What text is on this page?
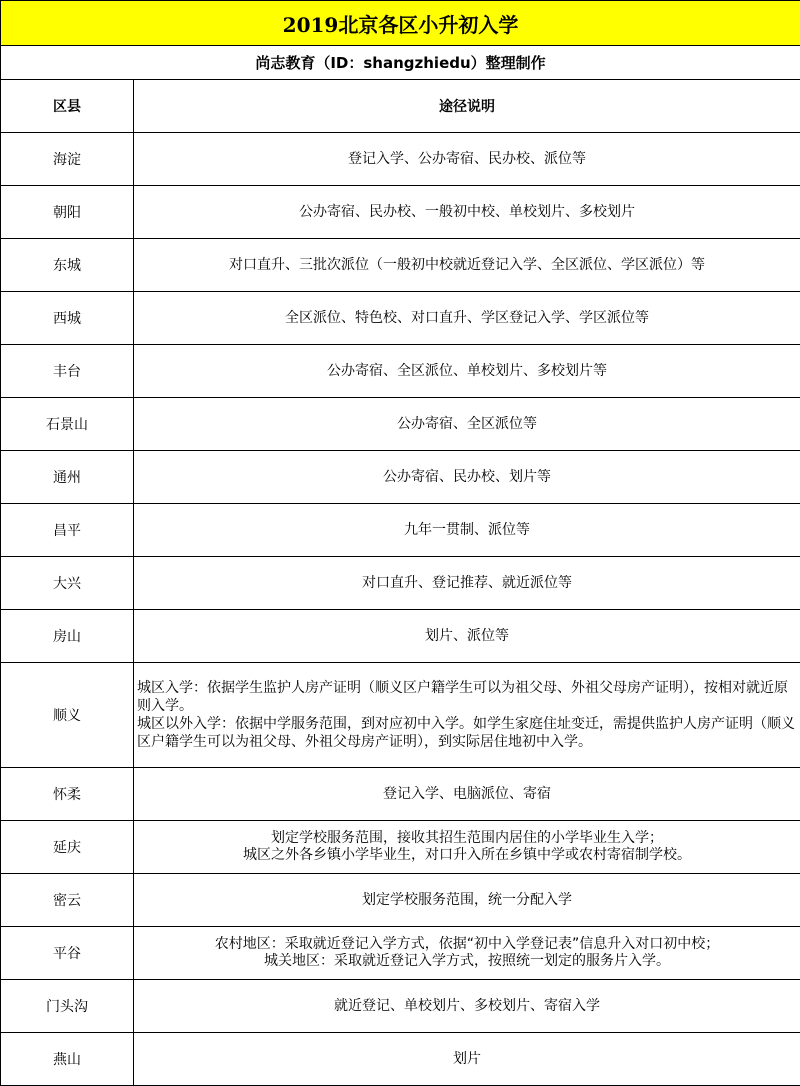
2019北京各区小升初入学	
尚志教育（ID：shangzhiedu）整理制作	
区县	途径说明
海淀	登记入学、公办寄宿、民办校、派位等

朝阳	公办寄宿、民办校、一般初中校、单校划片、多校划片

东城	对口直升、三批次派位（一般初中校就近登记入学、全区派位、学区派位）等

西城	全区派位、特色校、对口直升、学区登记入学、学区派位等

丰台	公办寄宿、全区派位、单校划片、多校划片等

石景山	公办寄宿、全区派位等

通州	公办寄宿、民办校、划片等

昌平	九年一贯制、派位等

大兴	对口直升、登记推荐、就近派位等

房山	划片、派位等

顺义	城区入学：依据学生监护人房产证明（顺义区户籍学生可以为祖父母、外祖父母房产证明），按相对就近原则入学。
城区以外入学：依据中学服务范围，到对应初中入学。如学生家庭住址变迁，需提供监护人房产证明（顺义区户籍学生可以为祖父母、外祖父母房产证明），到实际居住地初中入学。

怀柔	登记入学、电脑派位、寄宿

延庆	划定学校服务范围，接收其招生范围内居住的小学毕业生入学；
城区之外各乡镇小学毕业生，对口升入所在乡镇中学或农村寄宿制学校。

密云	划定学校服务范围，统一分配入学

平谷	农村地区：采取就近登记入学方式，依据“初中入学登记表”信息升入对口初中校；
城关地区：采取就近登记入学方式，按照统一划定的服务片入学。

门头沟	就近登记、单校划片、多校划片、寄宿入学

燕山	划片
